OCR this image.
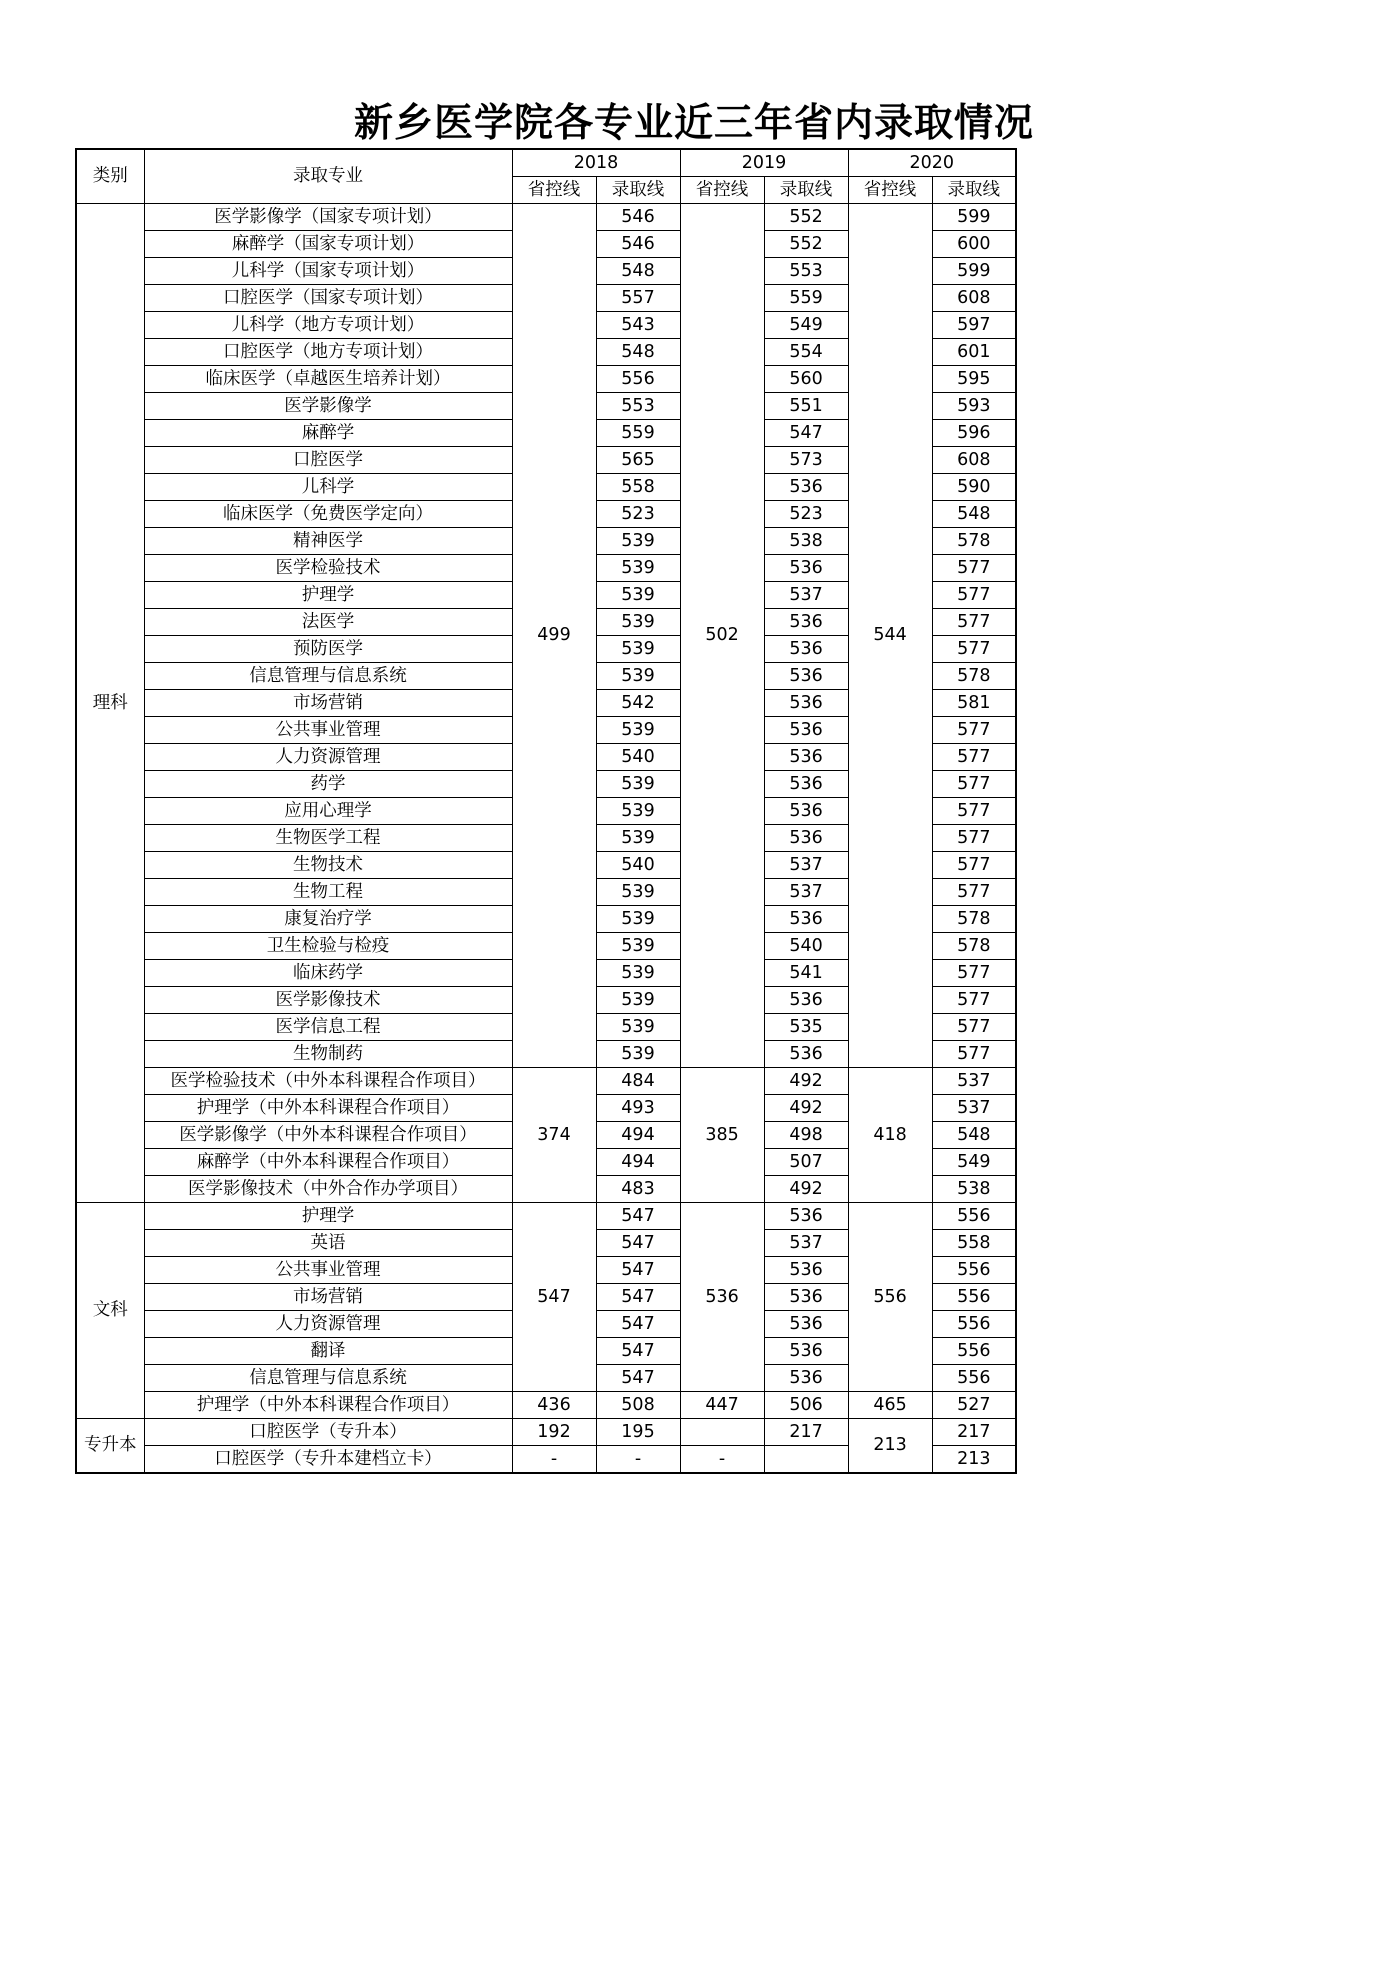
新乡医学院各专业近三年省内录取情况
类别	录取专业	2018		2019		2020	
		省控线	录取线	省控线	录取线	省控线	录取线
理科	医学影像学（国家专项计划）	499	546	502	552	544	599
	麻醉学（国家专项计划）		546		552		600
	儿科学（国家专项计划）		548		553		599
	口腔医学（国家专项计划）		557		559		608
	儿科学（地方专项计划）		543		549		597
	口腔医学（地方专项计划）		548		554		601
	临床医学（卓越医生培养计划）		556		560		595
	医学影像学		553		551		593
	麻醉学		559		547		596
	口腔医学		565		573		608
	儿科学		558		536		590
	临床医学（免费医学定向）		523		523		548
	精神医学		539		538		578
	医学检验技术		539		536		577
	护理学		539		537		577
	法医学		539		536		577
	预防医学		539		536		577
	信息管理与信息系统		539		536		578
	市场营销		542		536		581
	公共事业管理		539		536		577
	人力资源管理		540		536		577
	药学		539		536		577
	应用心理学		539		536		577
	生物医学工程		539		536		577
	生物技术		540		537		577
	生物工程		539		537		577
	康复治疗学		539		536		578
	卫生检验与检疫		539		540		578
	临床药学		539		541		577
	医学影像技术		539		536		577
	医学信息工程		539		535		577
	生物制药		539		536		577
	医学检验技术（中外本科课程合作项目）	374	484	385	492	418	537
	护理学（中外本科课程合作项目）		493		492		537
	医学影像学（中外本科课程合作项目）		494		498		548
	麻醉学（中外本科课程合作项目）		494		507		549
	医学影像技术（中外合作办学项目）		483		492		538
文科	护理学	547	547	536	536	556	556
	英语		547		537		558
	公共事业管理		547		536		556
	市场营销		547		536		556
	人力资源管理		547		536		556
	翻译		547		536		556
	信息管理与信息系统		547		536		556
	护理学（中外本科课程合作项目）	436	508	447	506	465	527
专升本	口腔医学（专升本）	192	195		217	213	217
	口腔医学（专升本建档立卡）	-	-	-			213
